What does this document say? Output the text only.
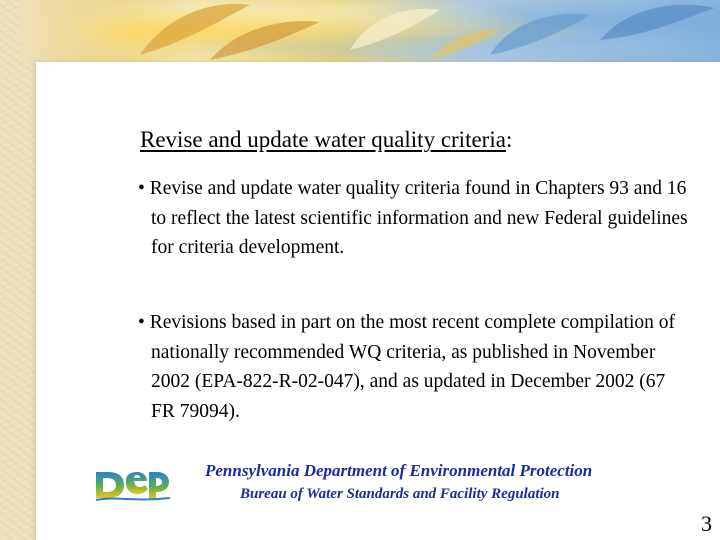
Revise and update water quality criteria:

• Revise and update water quality criteria found in Chapters 93 and 16 to reflect the latest scientific information and new Federal guidelines for criteria development.

• Revisions based in part on the most recent complete compilation of nationally recommended WQ criteria, as published in November 2002 (EPA-822-R-02-047), and as updated in December 2002 (67 FR 79094).

Pennsylvania Department of Environmental Protection

Bureau of Water Standards and Facility Regulation

3
